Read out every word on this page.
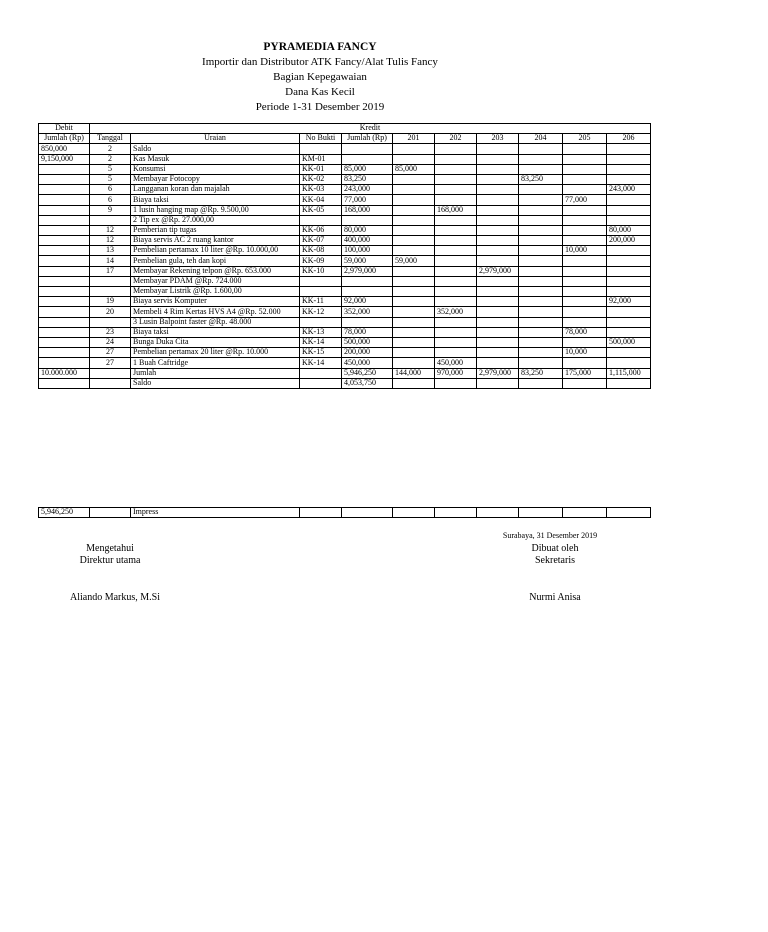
PYRAMEDIA FANCY
Importir dan Distributor ATK Fancy/Alat Tulis Fancy
Bagian Kepegawaian
Dana Kas Kecil
Periode 1-31 Desember 2019
Debit	Kredit									
Jumlah (Rp)	Tanggal	Uraian	No Bukti	Jumlah (Rp)	201	202	203	204	205	206
850,000	2	Saldo								
9,150,000	2	Kas Masuk	KM-01							
	5	Konsumsi	KK-01	85,000	85,000					
	5	Membayar Fotocopy	KK-02	83,250				83,250		
	6	Langganan koran dan majalah	KK-03	243,000						243,000
	6	Biaya taksi	KK-04	77,000					77,000	
	9	1 lusin hanging map @Rp. 9.500,00	KK-05	168,000		168,000				
		2 Tip ex @Rp. 27.000,00								
	12	Pemberian tip tugas	KK-06	80,000						80,000
	12	Biaya servis AC 2 ruang kantor	KK-07	400,000						200,000
	13	Pembelian pertamax 10 liter @Rp. 10.000,00	KK-08	100,000					10,000	
	14	Pembelian gula, teh dan kopi	KK-09	59,000	59,000					
	17	Membayar Rekening telpon @Rp. 653.000	KK-10	2,979,000			2,979,000			
		Membayar PDAM @Rp. 724.000								
		Membayar Listrik @Rp. 1.600,00								
	19	Biaya servis Komputer	KK-11	92,000						92,000
	20	Membeli 4 Rim Kertas HVS A4 @Rp. 52.000	KK-12	352,000		352,000				
		3 Lusin Balpoint faster @Rp. 48.000								
	23	Biaya taksi	KK-13	78,000					78,000	
	24	Bunga Duka Cita	KK-14	500,000						500,000
	27	Pembelian pertamax 20 liter @Rp. 10.000	KK-15	200,000					10,000	
	27	1 Buah Caftridge	KK-14	450,000		450,000				
10.000.000		Jumlah		5,946,250	144,000	970,000	2,979,000	83,250	175,000	1,115,000
		Saldo		4,053,750						
5,946,250		Impress								
Surabaya, 31 Desember 2019
Dibuat oleh
Sekretaris
Mengetahui
Direktur utama
Aliando Markus, M.Si	Nurmi Anisa
